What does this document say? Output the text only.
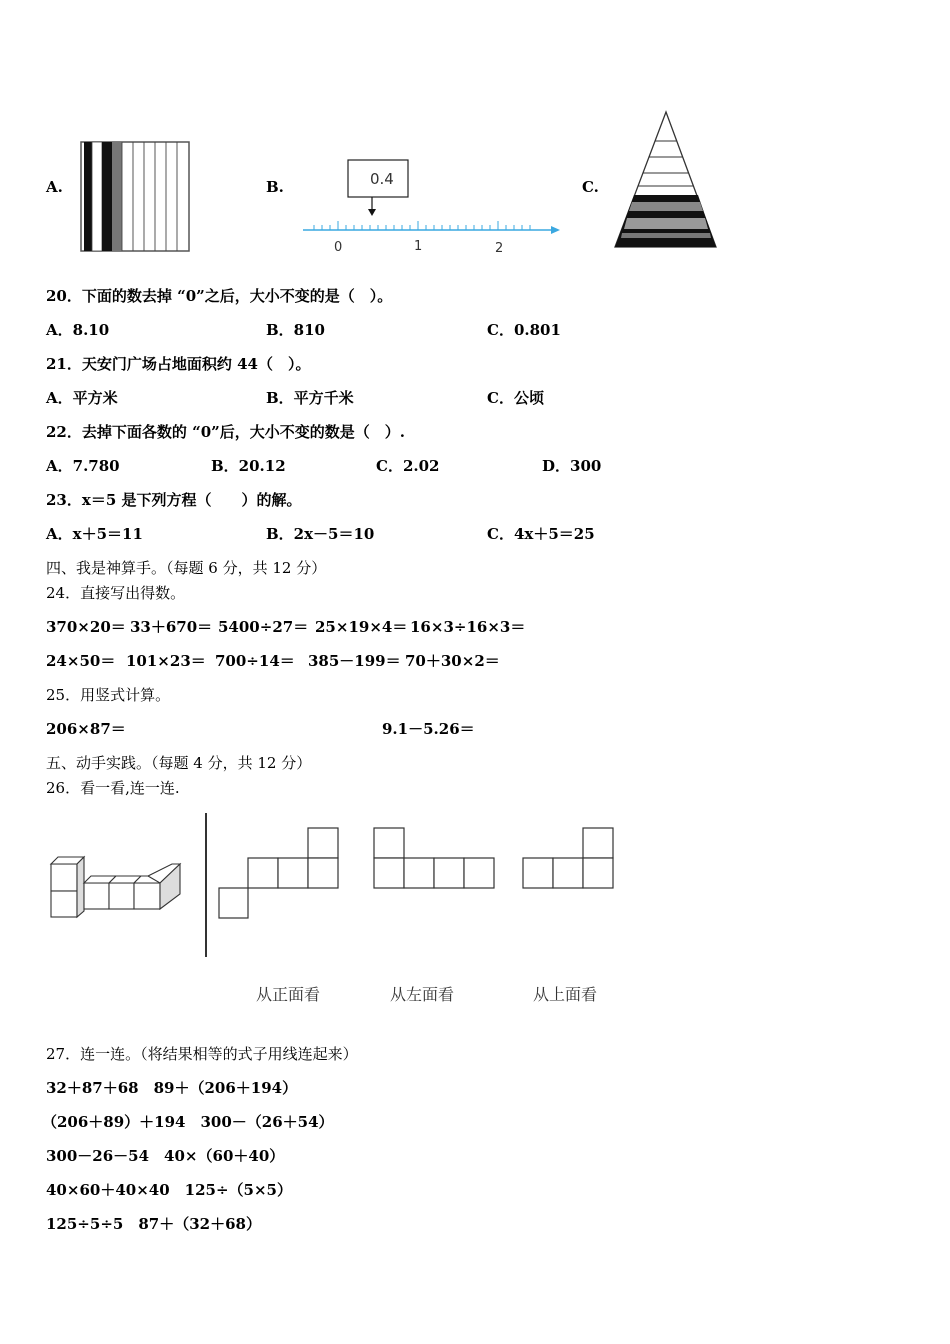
A.	B.	0.4
0	1	2
C.
20．下面的数去掉 “0”之后，大小不变的是（　）。
A．8.10	B．810	C．0.801
21．天安门广场占地面积约 44（　）。
A．平方米	B．平方千米	C．公顷
22．去掉下面各数的 “0”后，大小不变的数是（　）.
A．7.780	B．20.12	C．2.02	D．300
23．x＝5 是下列方程（　　）的解。
A．x＋5＝11	B．2x－5＝10	C．4x＋5＝25
四、我是神算手。（每题 6 分，共 12 分）
24．直接写出得数。
370×20＝ 33＋670＝ 5400÷27＝ 25×19×4＝ 16×3÷16×3＝
24×50＝ 101×23＝ 700÷14＝ 385－199＝ 70＋30×2＝
25．用竖式计算。
206×87＝	9.1－5.26＝
五、动手实践。（每题 4 分，共 12 分）
26．看一看,连一连.
从正面看	从左面看	从上面看
27．连一连。（将结果相等的式子用线连起来）
32＋87＋68　89＋（206＋194）
（206＋89）＋194　300－（26＋54）
300－26－54　40×（60＋40）
40×60＋40×40　125÷（5×5）
125÷5÷5　87＋（32＋68）
